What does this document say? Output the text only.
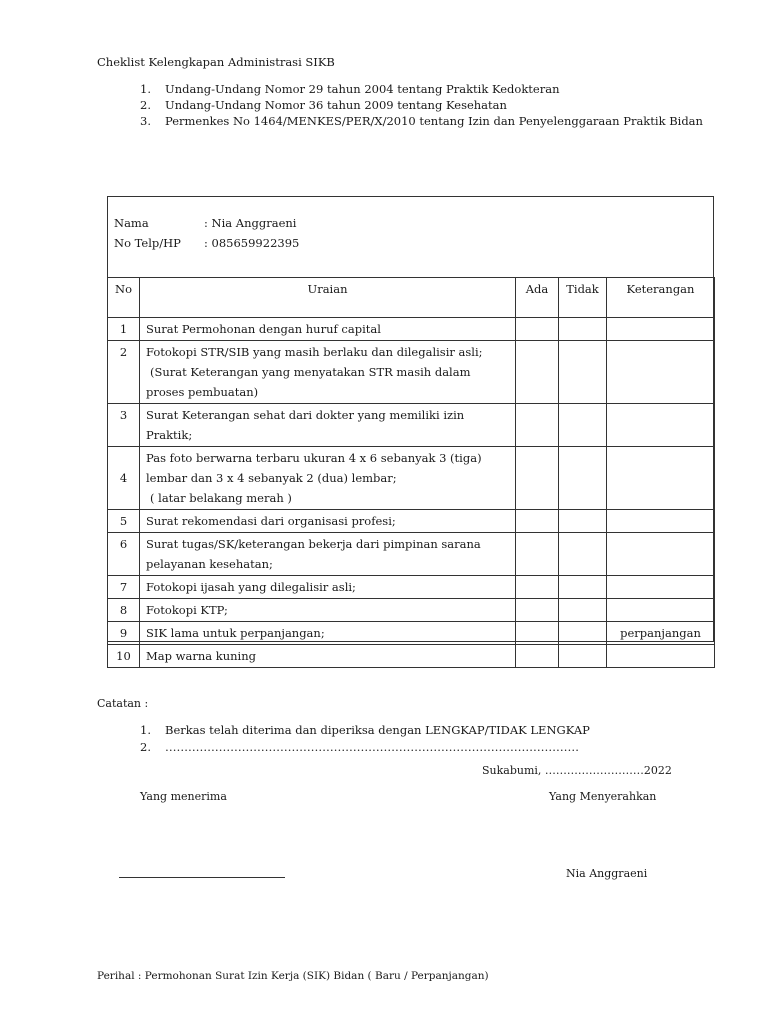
Cheklist Kelengkapan Administrasi SIKB
1. Undang-Undang Nomor 29 tahun 2004 tentang Praktik Kedokteran
2. Undang-Undang Nomor 36 tahun 2009 tentang Kesehatan
3. Permenkes No 1464/MENKES/PER/X/2010 tentang Izin dan Penyelenggaraan Praktik Bidan
Nama	: Nia Anggraeni
No Telp/HP : 085659922395
No	Uraian	Ada	Tidak	Keterangan
1	Surat Permohonan dengan huruf capital			

2	Fotokopi STR/SIB yang masih berlaku dan dilegalisir asli;
(Surat Keterangan yang menyatakan STR masih dalam
proses pembuatan)			

3	Surat Keterangan sehat dari dokter yang memiliki izin
Praktik;			

4	Pas foto berwarna terbaru ukuran 4 x 6 sebanyak 3 (tiga)
lembar dan 3 x 4 sebanyak 2 (dua) lembar;
( latar belakang merah )			

5	Surat rekomendasi dari organisasi profesi;			

6	Surat tugas/SK/keterangan bekerja dari pimpinan sarana
pelayanan kesehatan;			

7	Fotokopi ijasah yang dilegalisir asli;			

8	Fotokopi KTP;			

9	SIK lama untuk perpanjangan;			perpanjangan
10	Map warna kuning			

Catatan :
1. Berkas telah diterima dan diperiksa dengan LENGKAP/TIDAK LENGKAP
2. ………………………………………………………………………………………………
Sukabumi, ………………………2022
Yang menerima	Yang Menyerahkan
Nia Anggraeni
Perihal : Permohonan Surat Izin Kerja (SIK) Bidan ( Baru / Perpanjangan)
